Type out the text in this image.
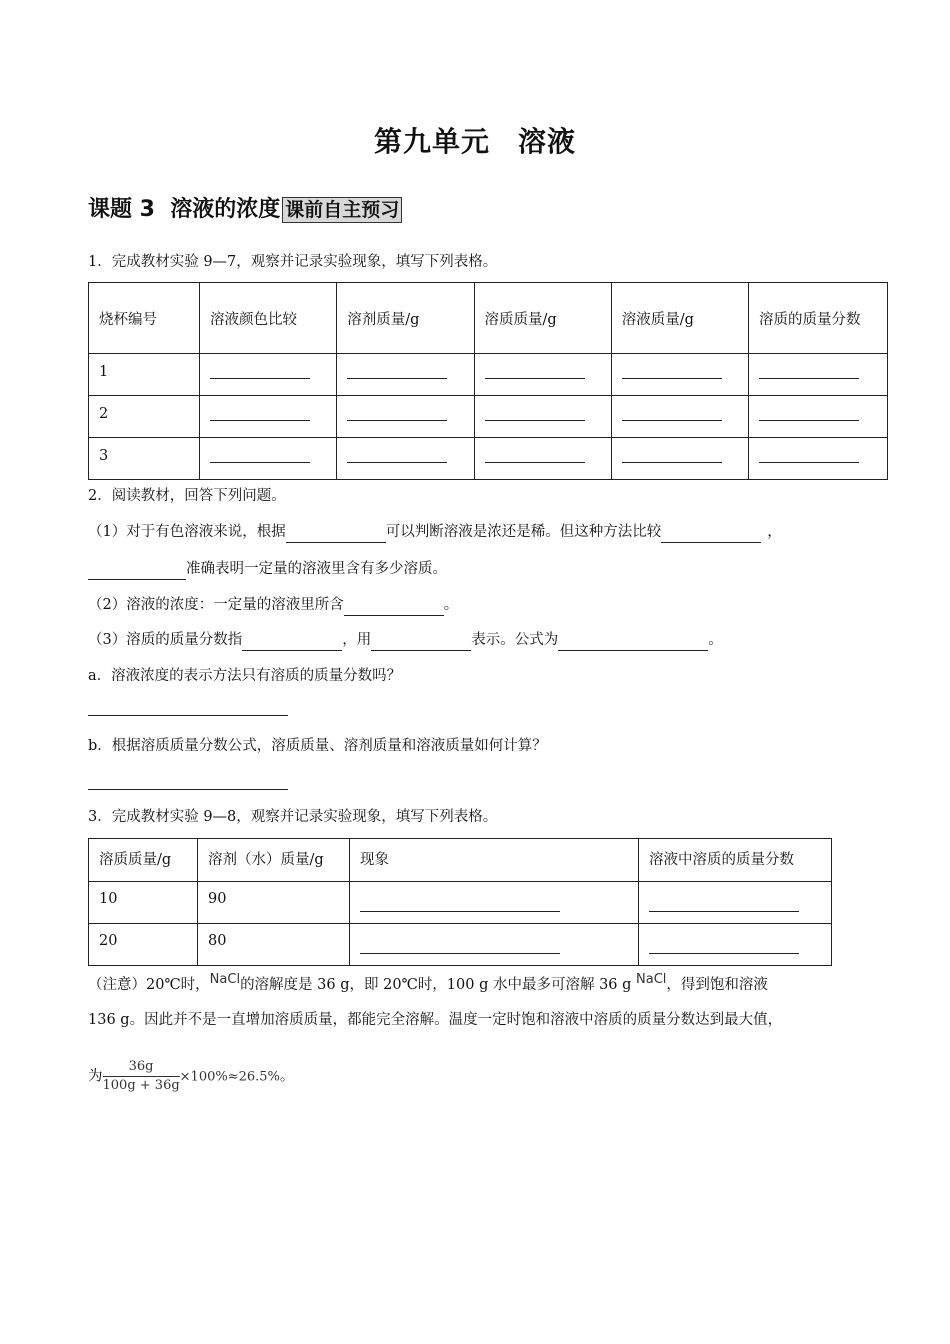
第九单元 溶液
课题 3  溶液的浓度 课前自主预习
1．完成教材实验 9—7，观察并记录实验现象，填写下列表格。
烧杯编号	溶液颜色比较	溶剂质量/g	溶质质量/g	溶液质量/g	溶质的质量分数
1					
2					
3					
2．阅读教材，回答下列问题。
（1）对于有色溶液来说，根据	可以判断溶液是浓还是稀。但这种方法比较	，
准确表明一定量的溶液里含有多少溶质。
（2）溶液的浓度：一定量的溶液里所含	。
（3）溶质的质量分数指	，用	表示。公式为	。
a．溶液浓度的表示方法只有溶质的质量分数吗？
b．根据溶质质量分数公式，溶质质量、溶剂质量和溶液质量如何计算？
3．完成教材实验 9—8，观察并记录实验现象，填写下列表格。
溶质质量/g	溶剂（水）质量/g	现象	溶液中溶质的质量分数
10	90		
20	80		
（注意）20℃时，NaCl的溶解度是 36 g，即 20℃时，100 g 水中最多可溶解 36 g NaCl，得到饱和溶液
136 g。因此并不是一直增加溶质质量，都能完全溶解。温度一定时饱和溶液中溶质的质量分数达到最大值，
为 $\frac{36g}{100g + 36g} \times 100\%\approx 26.5\%$。
